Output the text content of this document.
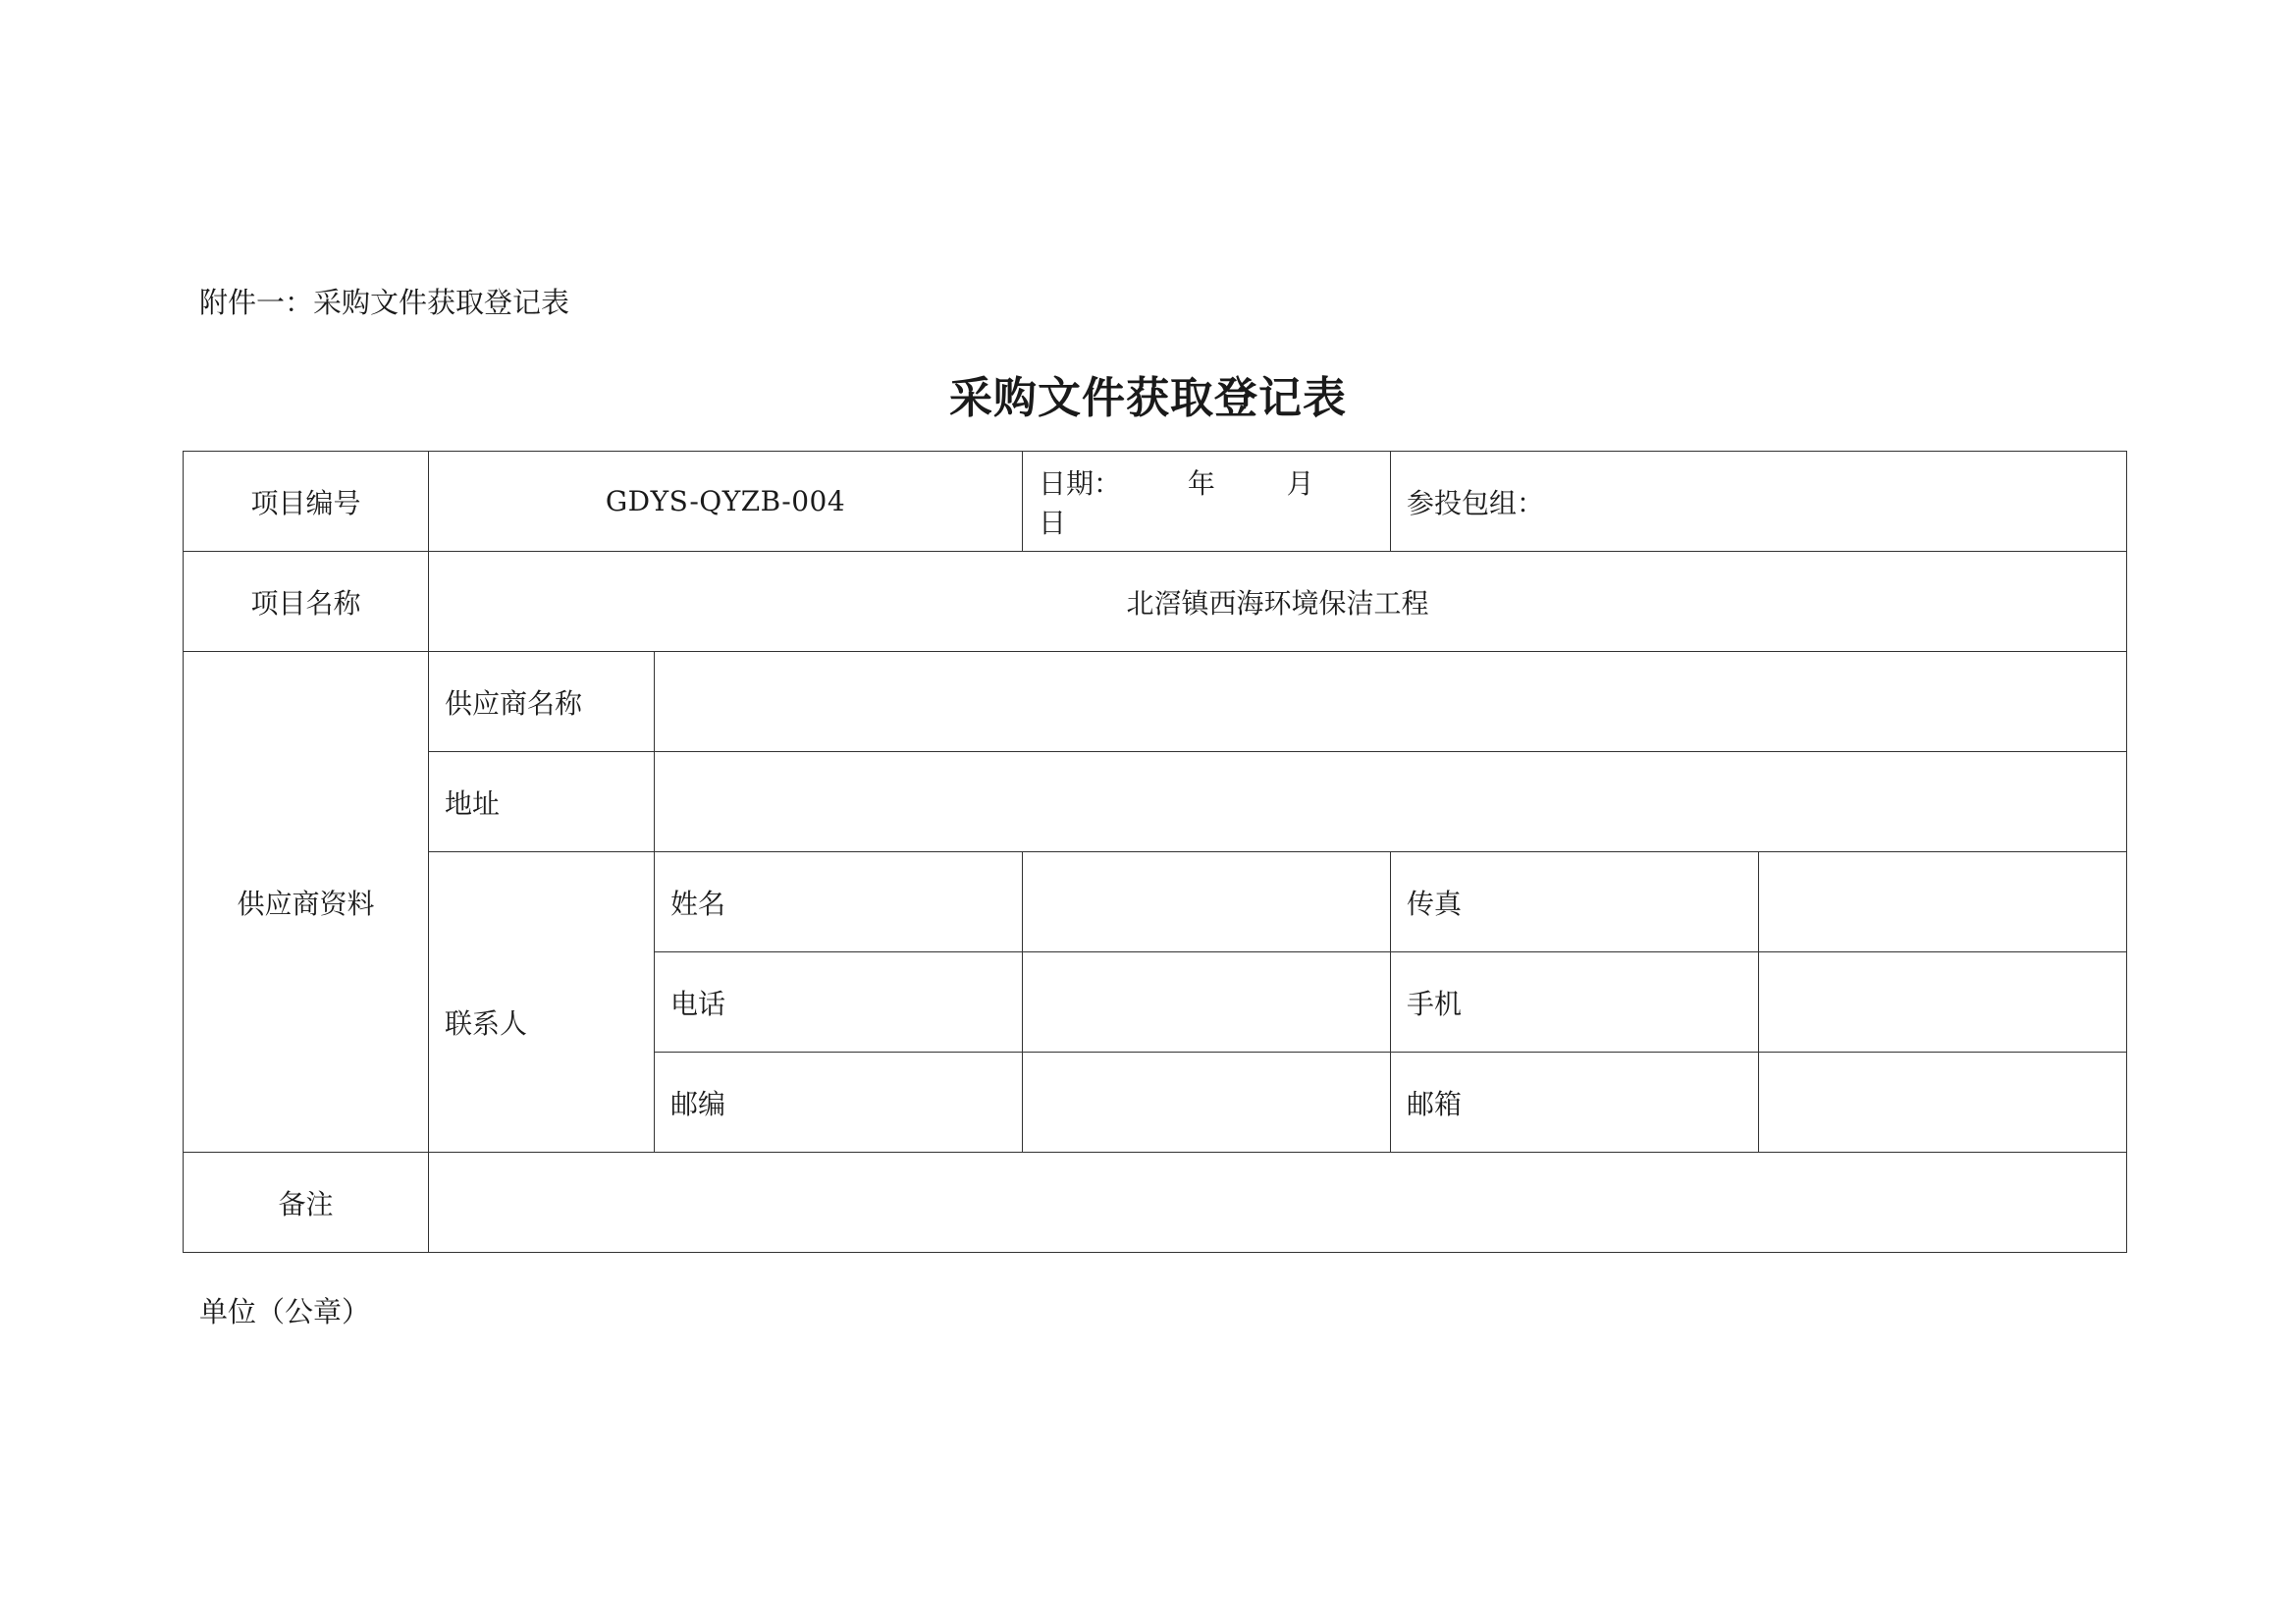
附件一：采购文件获取登记表
采购文件获取登记表
项目编号	GDYS-QYZB-004		日期： 年 月  日	参投包组：	
项目名称	北滘镇西海环境保洁工程				
供应商资料	供应商名称				
	地址				
	联系人	姓名		传真	
		电话		手机	
		邮编		邮箱	
备注					
单位（公章）
